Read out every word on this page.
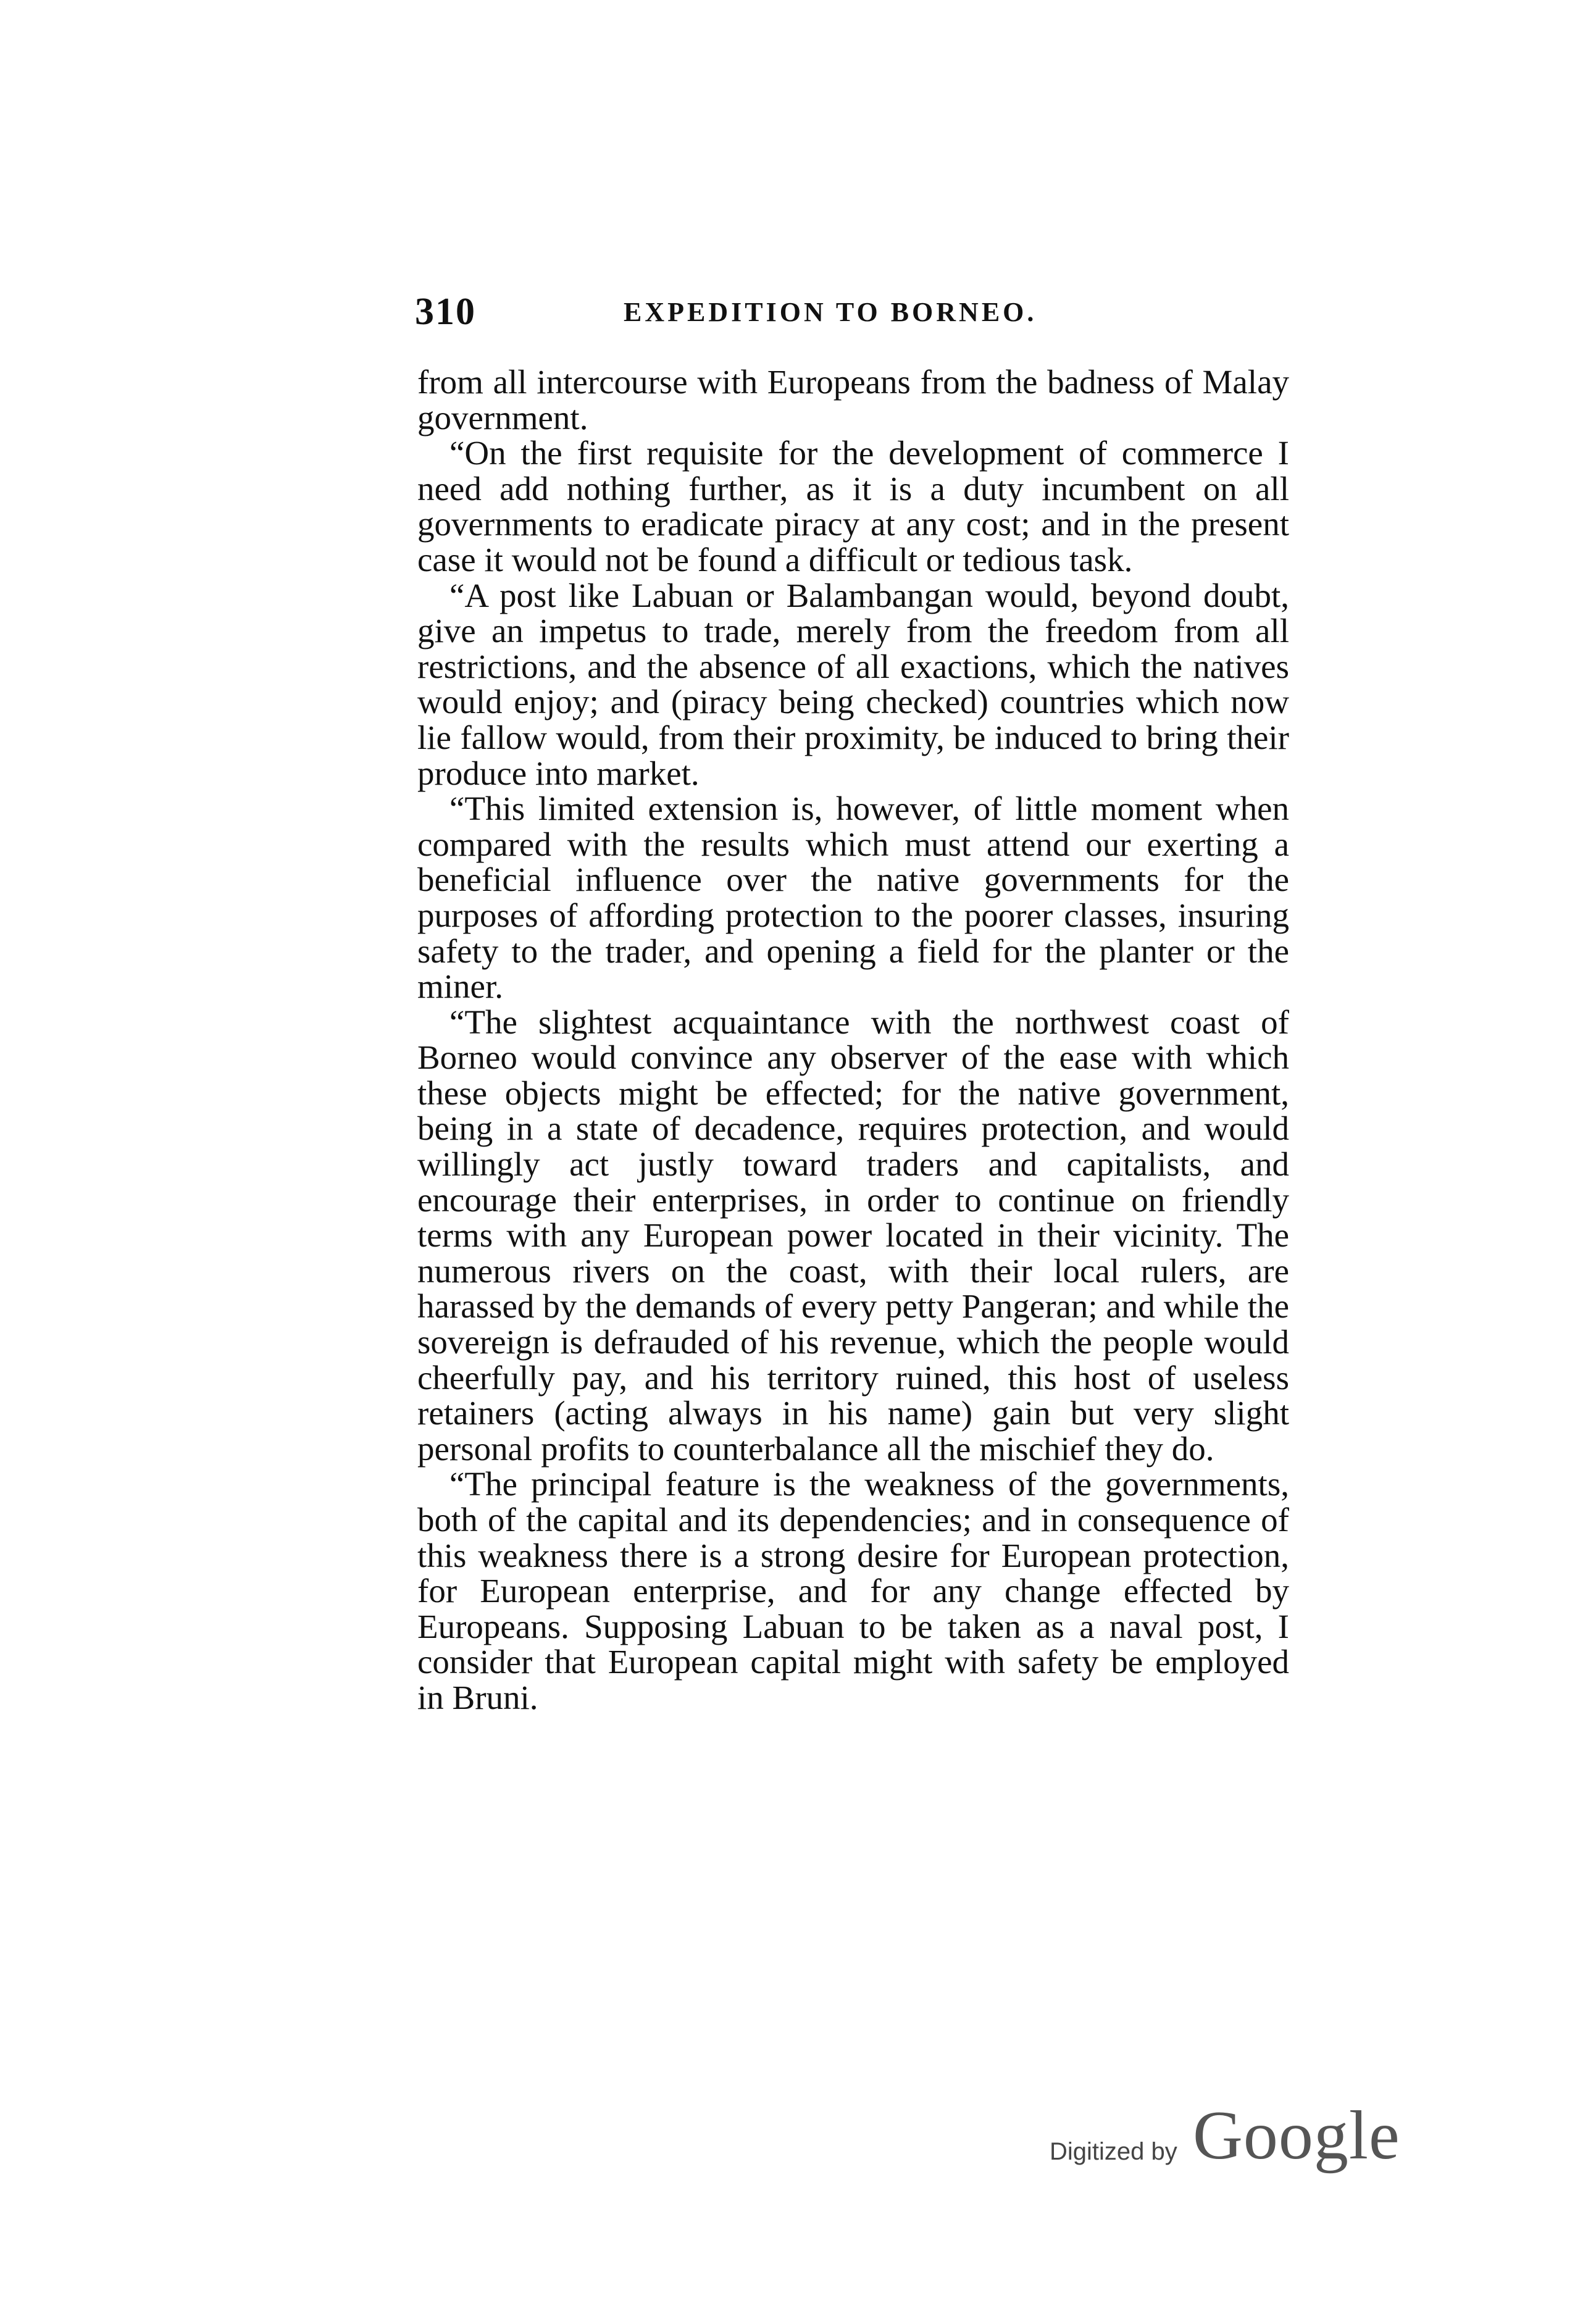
310	EXPEDITION TO BORNEO.

from all intercourse with Europeans from the badness of Malay government.

“On the first requisite for the development of commerce I need add nothing further, as it is a duty incumbent on all governments to eradicate piracy at any cost; and in the present case it would not be found a difficult or tedious task.

“A post like Labuan or Balambangan would, beyond doubt, give an impetus to trade, merely from the freedom from all restrictions, and the absence of all exactions, which the natives would enjoy; and (piracy being checked) countries which now lie fallow would, from their proximity, be induced to bring their produce into market.

“This limited extension is, however, of little moment when compared with the results which must attend our exerting a beneficial influence over the native governments for the purposes of affording protection to the poorer classes, insuring safety to the trader, and opening a field for the planter or the miner.

“The slightest acquaintance with the northwest coast of Borneo would convince any observer of the ease with which these objects might be effected; for the native government, being in a state of decadence, requires protection, and would willingly act justly toward traders and capitalists, and encourage their enterprises, in order to continue on friendly terms with any European power located in their vicinity. The numerous rivers on the coast, with their local rulers, are harassed by the demands of every petty Pangeran; and while the sovereign is defrauded of his revenue, which the people would cheerfully pay, and his territory ruined, this host of useless retainers (acting always in his name) gain but very slight personal profits to counterbalance all the mischief they do.

“The principal feature is the weakness of the governments, both of the capital and its dependencies; and in consequence of this weakness there is a strong desire for European protection, for European enterprise, and for any change effected by Europeans. Supposing Labuan to be taken as a naval post, I consider that European capital might with safety be employed in Bruni.

Digitized by Google
